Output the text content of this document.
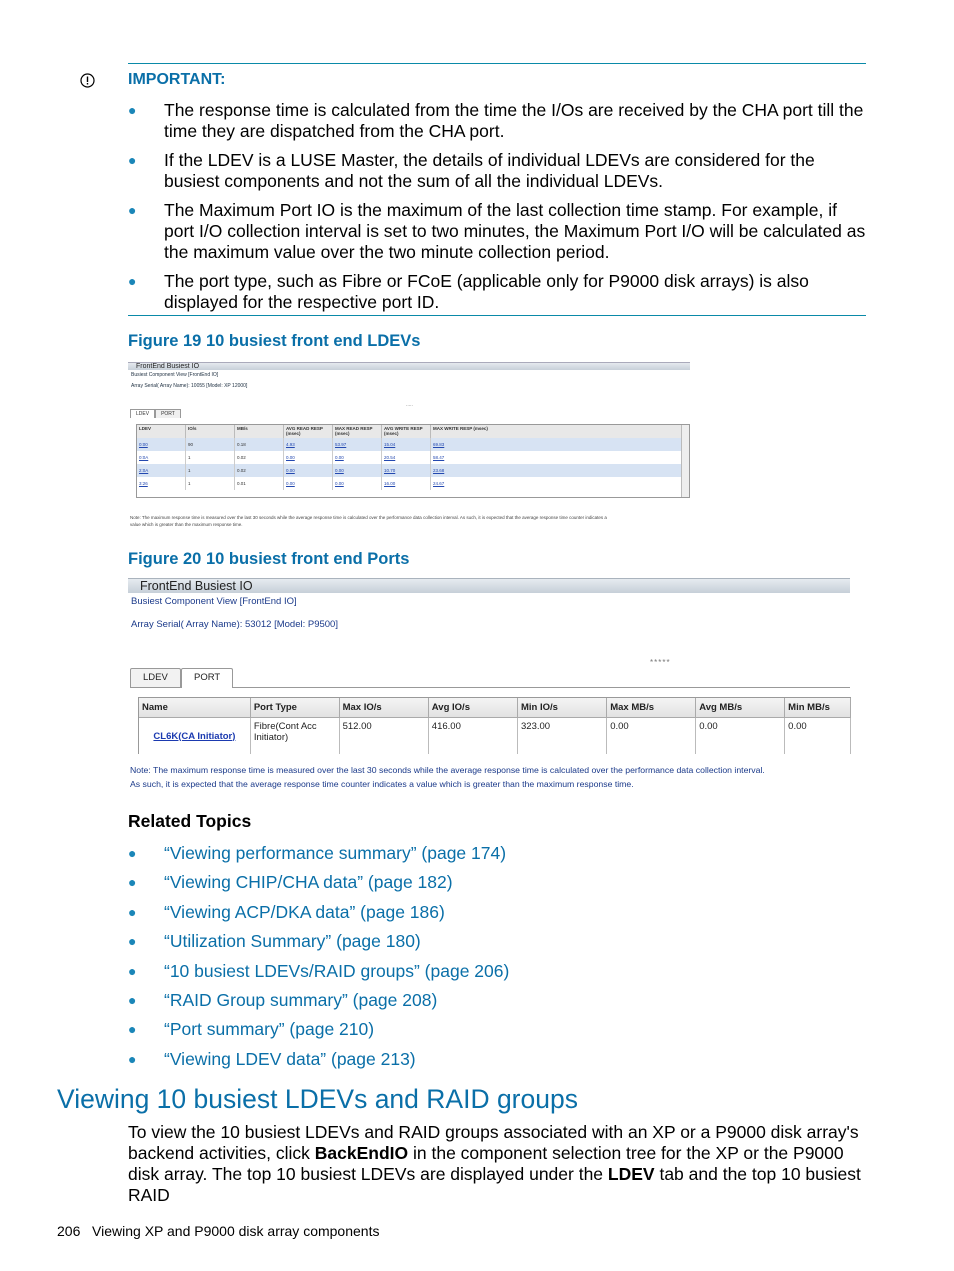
IMPORTANT:
● The response time is calculated from the time the I/Os are received by the CHA port till the time they are dispatched from the CHA port.
● If the LDEV is a LUSE Master, the details of individual LDEVs are considered for the busiest components and not the sum of all the individual LDEVs.
● The Maximum Port IO is the maximum of the last collection time stamp. For example, if port I/O collection interval is set to two minutes, the Maximum Port I/O will be calculated as the maximum value over the two minute collection period.
● The port type, such as Fibre or FCoE (applicable only for P9000 disk arrays) is also displayed for the respective port ID.
Figure 19 10 busiest front end LDEVs
FrontEnd Busiest IO
Busiest Component View [FrontEnd IO]
Array Serial( Array Name): 10055 [Model: XP 12000]
.....
LDEV PORT
LDEV	IO/s	MB/s	AVG READ RESP (msec)	MAX READ RESP (msec)	AVG WRITE RESP (msec)	MAX WRITE RESP (msec)
0:00	90	0.18	4.93	53.97	15.04	69.83
0:0A	1	0.02	0.00	0.00	20.54	58.47
2:0A	1	0.02	0.00	0.00	10.70	23.68
3:26	1	0.01	0.00	0.00	16.00	24.67
Note: The maximum response time is measured over the last 30 seconds while the average response time is calculated over the performance data collection interval. As such, it is expected that the average response time counter indicates a
value which is greater than the maximum response time.
Figure 20 10 busiest front end Ports
FrontEnd Busiest IO
Busiest Component View [FrontEnd IO]
Array Serial( Array Name): 53012 [Model: P9500]
*****
LDEV	PORT
Name	Port Type	Max IO/s	Avg IO/s	Min IO/s	Max MB/s	Avg MB/s	Min MB/s
CL6K(CA Initiator)	Fibre(Cont Acc Initiator)	512.00	416.00	323.00	0.00	0.00	0.00
Note: The maximum response time is measured over the last 30 seconds while the average response time is calculated over the performance data collection interval.
As such, it is expected that the average response time counter indicates a value which is greater than the maximum response time.
Related Topics
● “Viewing performance summary” (page 174)
● “Viewing CHIP/CHA data” (page 182)
● “Viewing ACP/DKA data” (page 186)
● “Utilization Summary” (page 180)
● “10 busiest LDEVs/RAID groups” (page 206)
● “RAID Group summary” (page 208)
● “Port summary” (page 210)
● “Viewing LDEV data” (page 213)
Viewing 10 busiest LDEVs and RAID groups
To view the 10 busiest LDEVs and RAID groups associated with an XP or a P9000 disk array's backend activities, click BackEndIO in the component selection tree for the XP or the P9000 disk array. The top 10 busiest LDEVs are displayed under the LDEV tab and the top 10 busiest RAID
206 Viewing XP and P9000 disk array components
